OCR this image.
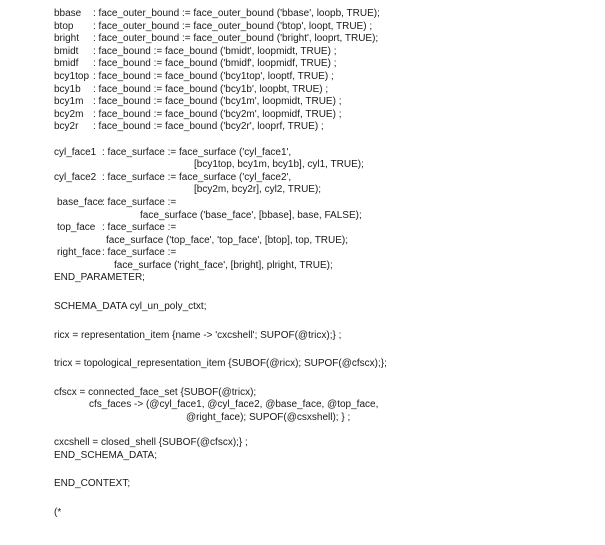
bbase

: face_outer_bound := face_outer_bound ('bbase', loopb, TRUE);

btop

: face_outer_bound := face_outer_bound ('btop', loopt, TRUE) ;

bright

: face_outer_bound := face_outer_bound ('bright', looprt, TRUE);

bmidt

: face_bound := face_bound ('bmidt', loopmidt, TRUE) ;

bmidf

: face_bound := face_bound ('bmidf', loopmidf, TRUE) ;

bcy1top

: face_bound := face_bound ('bcy1top', looptf, TRUE) ;

bcy1b

: face_bound := face_bound ('bcy1b', loopbt, TRUE) ;

bcy1m

: face_bound := face_bound ('bcy1m', loopmidt, TRUE) ;

bcy2m

: face_bound := face_bound ('bcy2m', loopmidf, TRUE) ;

bcy2r

: face_bound := face_bound ('bcy2r', looprf, TRUE) ;

cyl_face1

: face_surface := face_surface ('cyl_face1',

[bcy1top, bcy1m, bcy1b], cyl1, TRUE);

cyl_face2

: face_surface := face_surface ('cyl_face2',

[bcy2m, bcy2r], cyl2, TRUE);

base_face

: face_surface :=

face_surface ('base_face', [bbase], base, FALSE);

top_face

: face_surface :=

face_surface ('top_face', 'top_face', [btop], top, TRUE);

right_face

: face_surface :=

face_surface ('right_face', [bright], plright, TRUE);

END_PARAMETER;

SCHEMA_DATA cyl_un_poly_ctxt;

ricx = representation_item {name -> 'cxcshell'; SUPOF(@tricx);} ;

tricx = topological_representation_item {SUBOF(@ricx); SUPOF(@cfscx);};

cfscx = connected_face_set {SUBOF(@tricx);

cfs_faces -> (@cyl_face1, @cyl_face2, @base_face, @top_face,

@right_face); SUPOF(@csxshell); } ;

cxcshell = closed_shell {SUBOF(@cfscx);} ;

END_SCHEMA_DATA;

END_CONTEXT;

(*
